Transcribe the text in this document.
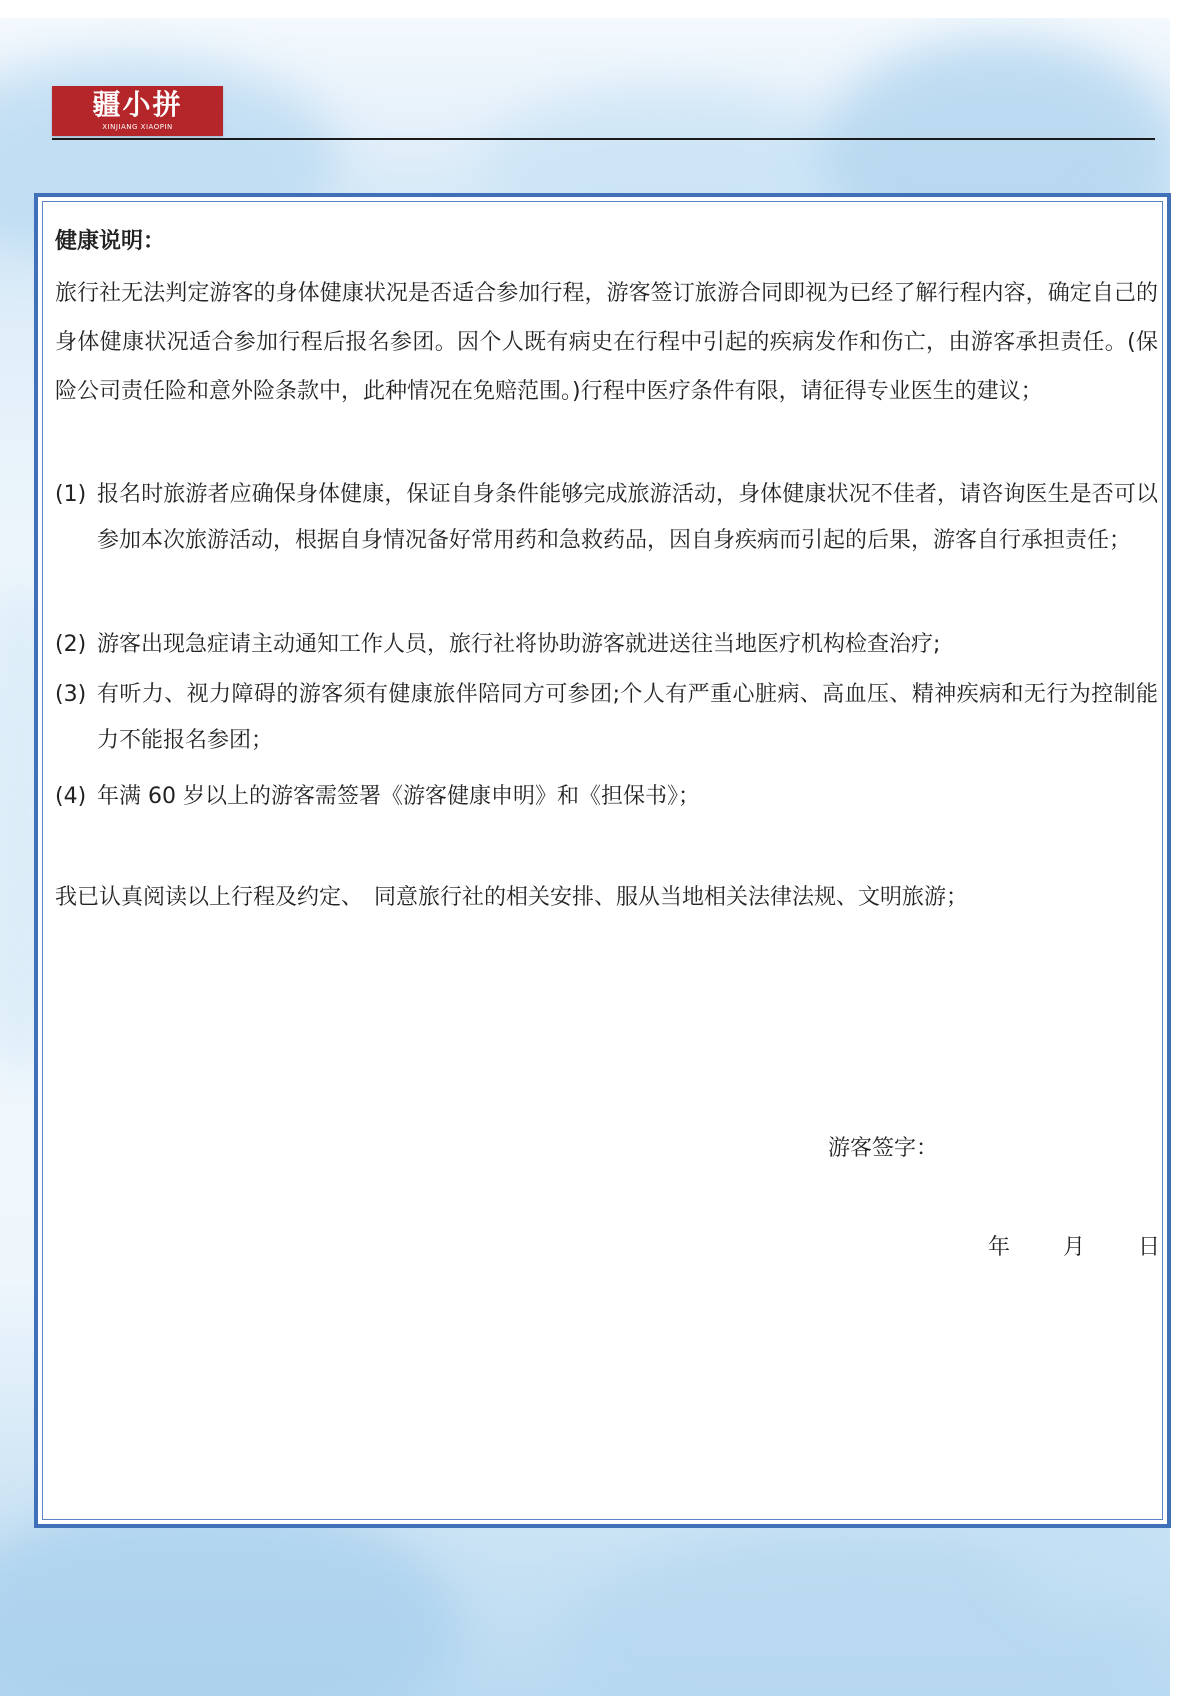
疆小拼
XINJIANG XIAOPIN

健康说明：

旅行社无法判定游客的身体健康状况是否适合参加行程，游客签订旅游合同即视为已经了解行程内容，确定自己的身体健康状况适合参加行程后报名参团。因个人既有病史在行程中引起的疾病发作和伤亡，由游客承担责任。(保险公司责任险和意外险条款中，此种情况在免赔范围。)行程中医疗条件有限，请征得专业医生的建议；

(1) 报名时旅游者应确保身体健康，保证自身条件能够完成旅游活动，身体健康状况不佳者，请咨询医生是否可以参加本次旅游活动，根据自身情况备好常用药和急救药品，因自身疾病而引起的后果，游客自行承担责任；

(2) 游客出现急症请主动通知工作人员，旅行社将协助游客就进送往当地医疗机构检查治疗;

(3) 有听力、视力障碍的游客须有健康旅伴陪同方可参团;个人有严重心脏病、高血压、精神疾病和无行为控制能力不能报名参团；

(4) 年满 60 岁以上的游客需签署《游客健康申明》和《担保书》；

我已认真阅读以上行程及约定、　同意旅行社的相关安排、服从当地相关法律法规、文明旅游；

游客签字：
年 月 日
